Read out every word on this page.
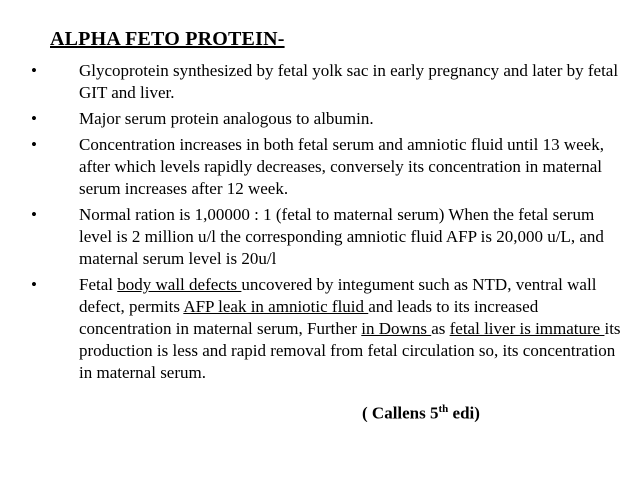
ALPHA FETO PROTEIN-
• Glycoprotein synthesized by fetal yolk sac in early pregnancy and later by fetal GIT and liver.
• Major serum protein analogous to albumin.
• Concentration increases in both fetal serum and amniotic fluid until 13 week, after which levels rapidly decreases, conversely its concentration in maternal serum increases after 12 week.
• Normal ration is 1,00000 : 1 (fetal to maternal serum) When the fetal serum level is 2 million u/l the corresponding amniotic fluid AFP is 20,000 u/L, and maternal serum level is 20u/l
• Fetal body wall defects uncovered by integument such as NTD, ventral wall defect, permits AFP leak in amniotic fluid and leads to its increased concentration in maternal serum, Further in Downs as fetal liver is immature its production is less and rapid removal from fetal circulation so, its concentration in maternal serum.
( Callens 5th edi)
